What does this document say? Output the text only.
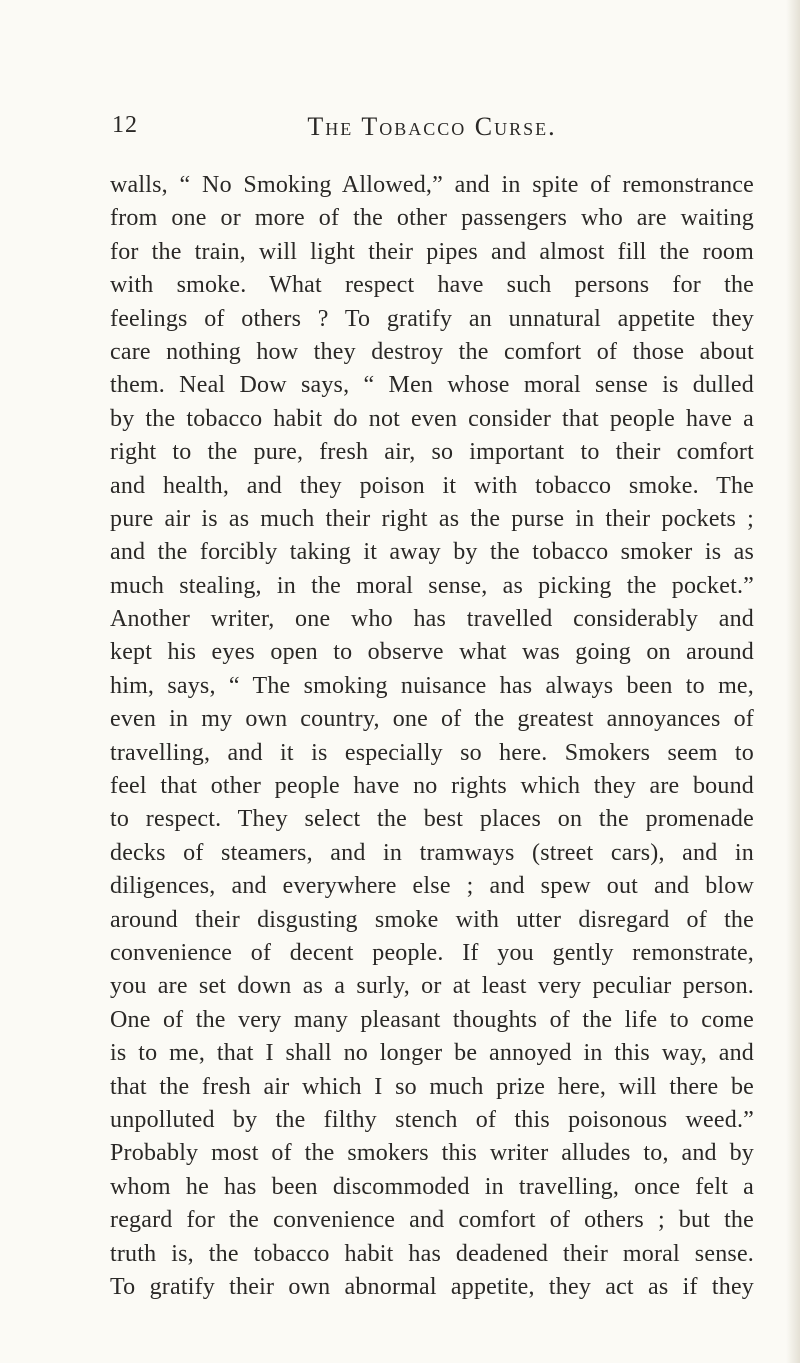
12	The Tobacco Curse.
walls, “ No Smoking Allowed,” and in spite of remonstrance
from one or more of the other passengers who are waiting
for the train, will light their pipes and almost fill the room
with smoke. What respect have such persons for the
feelings of others ? To gratify an unnatural appetite they
care nothing how they destroy the comfort of those about
them. Neal Dow says, “ Men whose moral sense is dulled
by the tobacco habit do not even consider that people have a
right to the pure, fresh air, so important to their comfort
and health, and they poison it with tobacco smoke. The
pure air is as much their right as the purse in their pockets ;
and the forcibly taking it away by the tobacco smoker is as
much stealing, in the moral sense, as picking the pocket.”
Another writer, one who has travelled considerably and
kept his eyes open to observe what was going on around
him, says, “ The smoking nuisance has always been to me,
even in my own country, one of the greatest annoyances of
travelling, and it is especially so here. Smokers seem to
feel that other people have no rights which they are bound
to respect. They select the best places on the promenade
decks of steamers, and in tramways (street cars), and in
diligences, and everywhere else ; and spew out and blow
around their disgusting smoke with utter disregard of the
convenience of decent people. If you gently remonstrate,
you are set down as a surly, or at least very peculiar person.
One of the very many pleasant thoughts of the life to come
is to me, that I shall no longer be annoyed in this way, and
that the fresh air which I so much prize here, will there be
unpolluted by the filthy stench of this poisonous weed.”
Probably most of the smokers this writer alludes to, and by
whom he has been discommoded in travelling, once felt a
regard for the convenience and comfort of others ; but the
truth is, the tobacco habit has deadened their moral sense.
To gratify their own abnormal appetite, they act as if they
